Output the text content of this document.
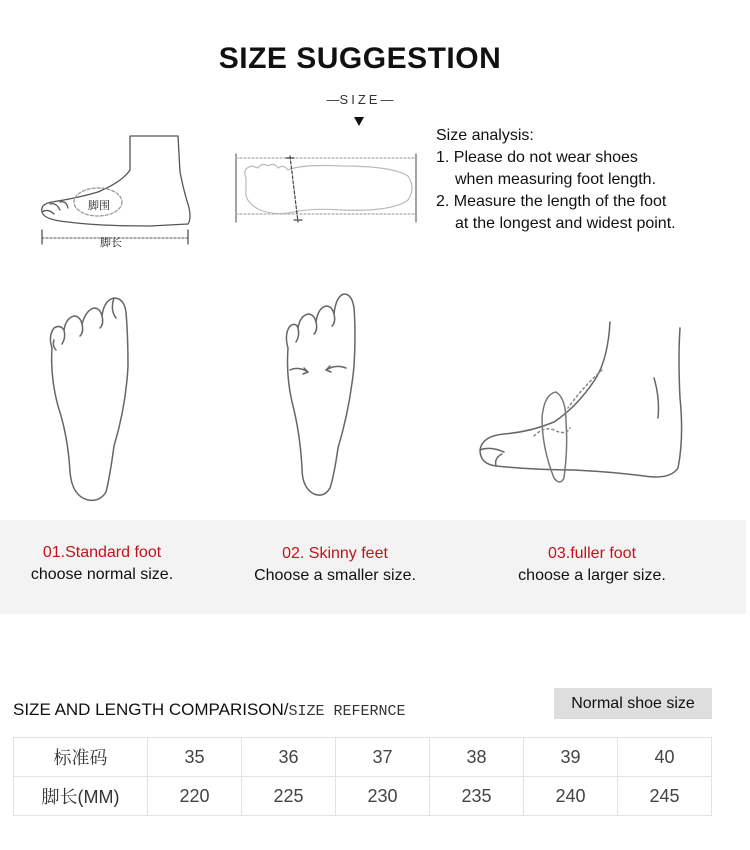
SIZE SUGGESTION
—SIZE—
脚围
脚长
Size analysis:
1. Please do not wear shoes
when measuring foot length.
2. Measure the length of the foot
at the longest and widest point.
01.Standard foot
choose normal size.
02. Skinny feet
Choose a smaller size.
03.fuller foot
choose a larger size.
SIZE AND LENGTH COMPARISON/SIZE REFERNCE	Normal shoe size
标准码	35	36	37	38	39	40
脚长(MM)	220	225	230	235	240	245
